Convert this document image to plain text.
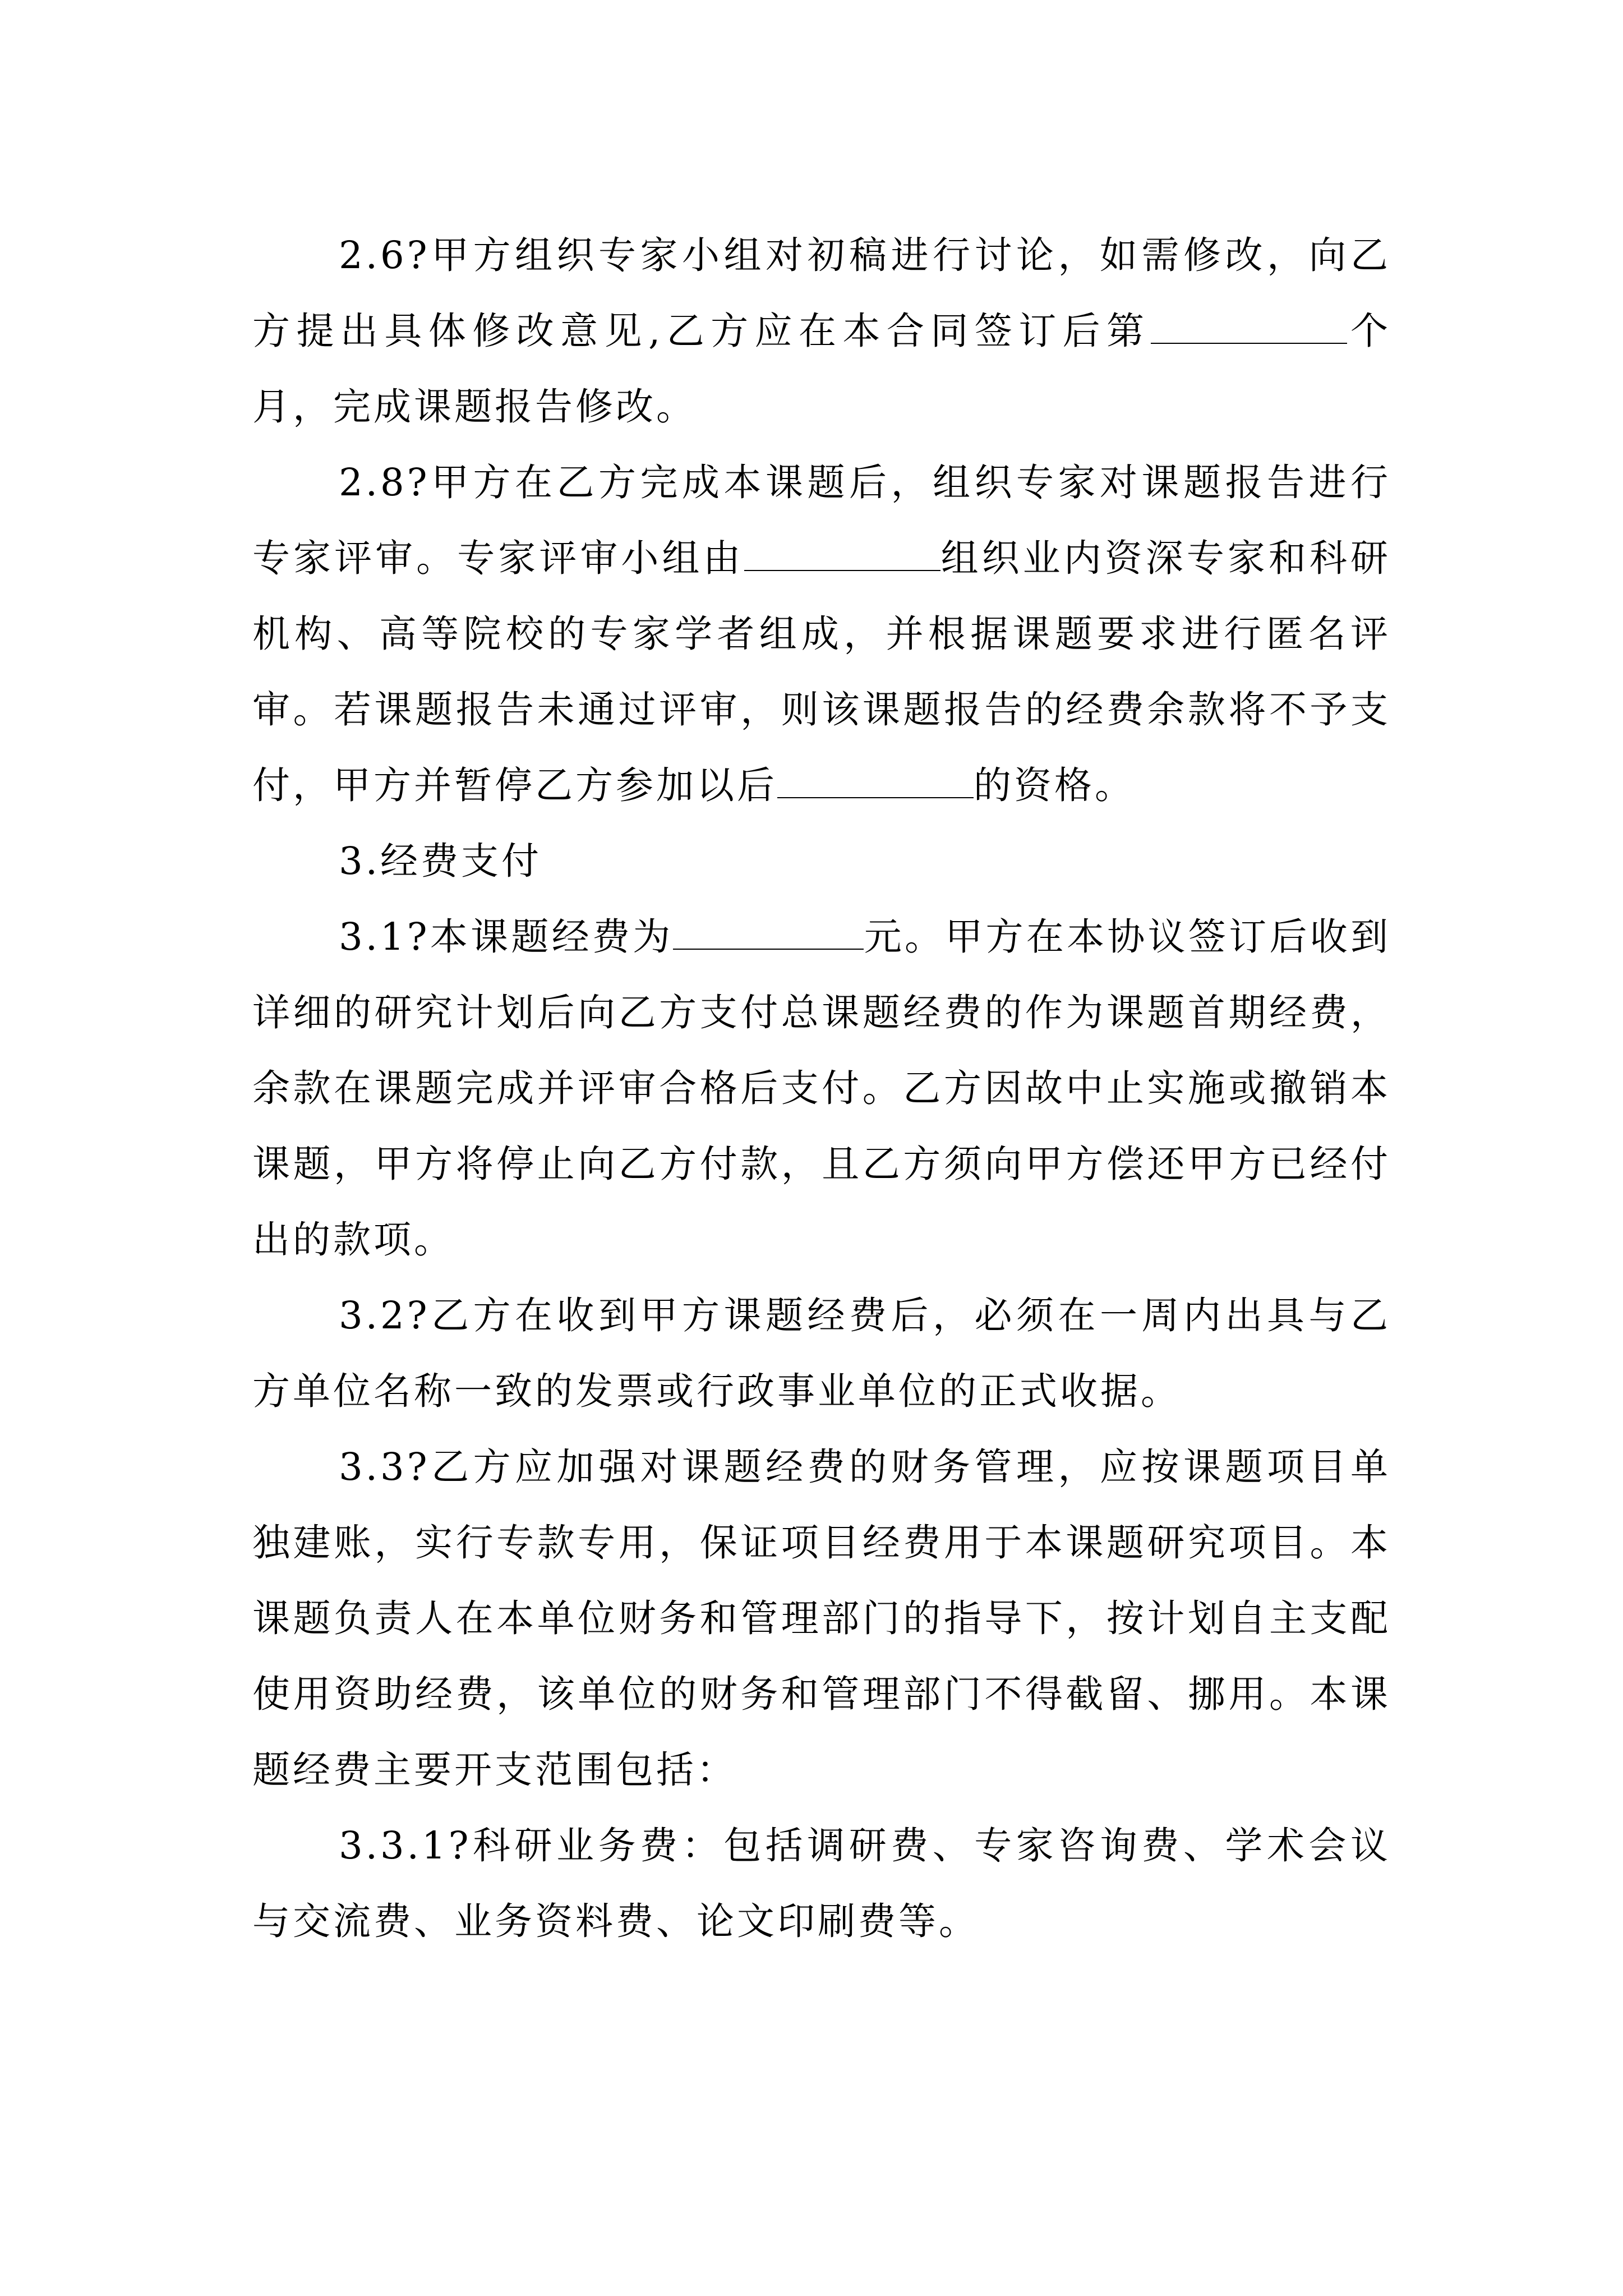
2.6?甲方组织专家小组对初稿进行讨论，如需修改，向乙方提出具体修改意见,乙方应在本合同签订后第	个月，完成课题报告修改。

2.8?甲方在乙方完成本课题后，组织专家对课题报告进行专家评审。专家评审小组由	组织业内资深专家和科研机构、高等院校的专家学者组成，并根据课题要求进行匿名评审。若课题报告未通过评审，则该课题报告的经费余款将不予支付，甲方并暂停乙方参加以后	的资格。

3.经费支付

3.1?本课题经费为	元。甲方在本协议签订后收到详细的研究计划后向乙方支付总课题经费的作为课题首期经费，余款在课题完成并评审合格后支付。乙方因故中止实施或撤销本课题，甲方将停止向乙方付款，且乙方须向甲方偿还甲方已经付出的款项。

3.2?乙方在收到甲方课题经费后，必须在一周内出具与乙方单位名称一致的发票或行政事业单位的正式收据。

3.3?乙方应加强对课题经费的财务管理，应按课题项目单独建账，实行专款专用，保证项目经费用于本课题研究项目。本课题负责人在本单位财务和管理部门的指导下，按计划自主支配使用资助经费，该单位的财务和管理部门不得截留、挪用。本课题经费主要开支范围包括：

3.3.1?科研业务费：包括调研费、专家咨询费、学术会议与交流费、业务资料费、论文印刷费等。
